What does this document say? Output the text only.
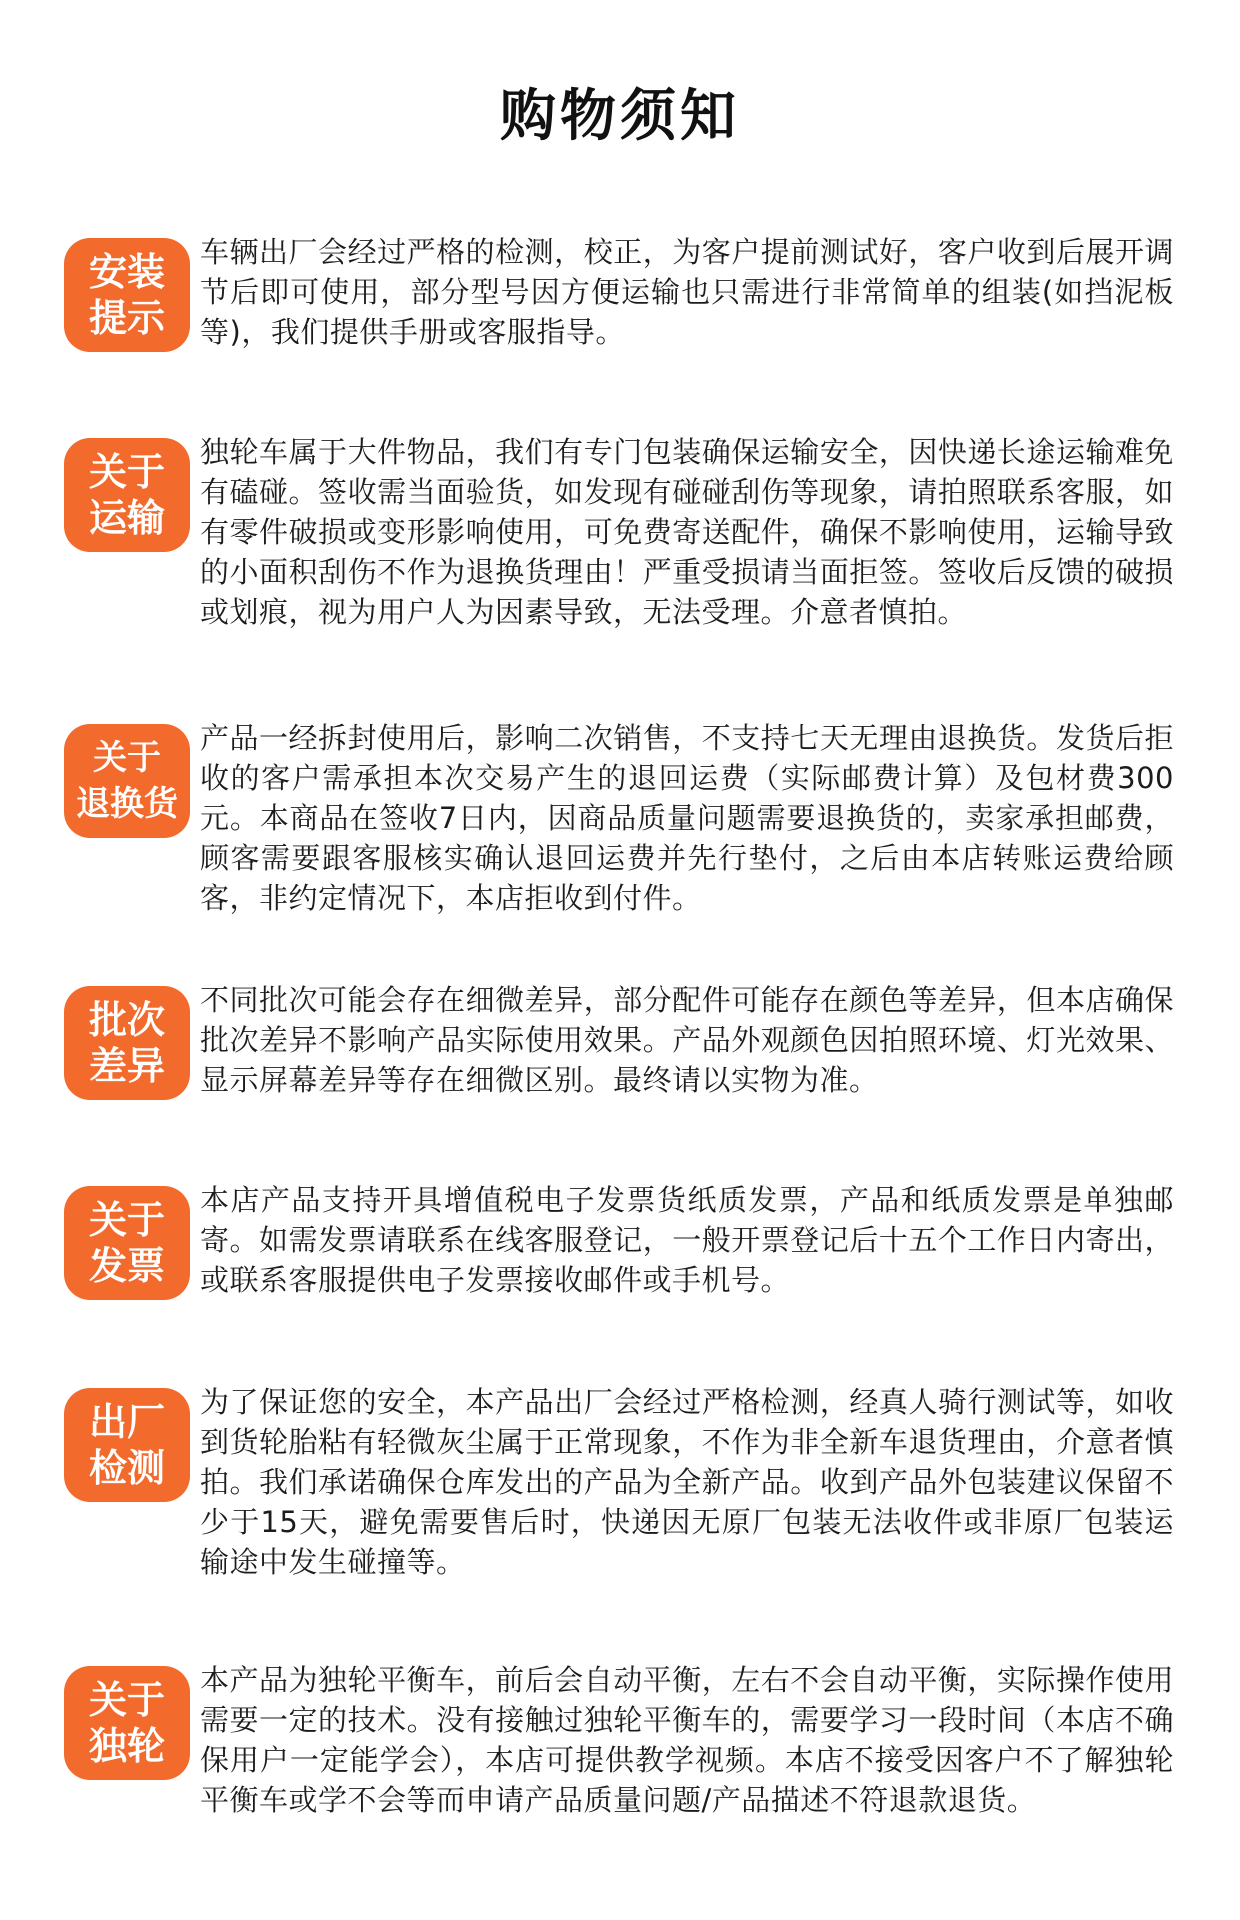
购物须知
安装
提示

车辆出厂会经过严格的检测，校正，为客户提前测试好，客户收到后展开调节后即可使用，部分型号因方便运输也只需进行非常简单的组装(如挡泥板等)，我们提供手册或客服指导。

关于
运输

独轮车属于大件物品，我们有专门包装确保运输安全，因快递长途运输难免有磕碰。签收需当面验货，如发现有碰碰刮伤等现象，请拍照联系客服，如有零件破损或变形影响使用，可免费寄送配件，确保不影响使用，运输导致的小面积刮伤不作为退换货理由！严重受损请当面拒签。签收后反馈的破损或划痕，视为用户人为因素导致，无法受理。介意者慎拍。

关于
退换货

产品一经拆封使用后，影响二次销售，不支持七天无理由退换货。发货后拒收的客户需承担本次交易产生的退回运费（实际邮费计算）及包材费300元。本商品在签收7日内，因商品质量问题需要退换货的，卖家承担邮费，顾客需要跟客服核实确认退回运费并先行垫付，之后由本店转账运费给顾客，非约定情况下，本店拒收到付件。

批次
差异

不同批次可能会存在细微差异，部分配件可能存在颜色等差异，但本店确保批次差异不影响产品实际使用效果。产品外观颜色因拍照环境、灯光效果、显示屏幕差异等存在细微区别。最终请以实物为准。

关于
发票

本店产品支持开具增值税电子发票货纸质发票，产品和纸质发票是单独邮寄。如需发票请联系在线客服登记，一般开票登记后十五个工作日内寄出，或联系客服提供电子发票接收邮件或手机号。

出厂
检测

为了保证您的安全，本产品出厂会经过严格检测，经真人骑行测试等，如收到货轮胎粘有轻微灰尘属于正常现象，不作为非全新车退货理由，介意者慎拍。我们承诺确保仓库发出的产品为全新产品。收到产品外包装建议保留不少于15天，避免需要售后时，快递因无原厂包装无法收件或非原厂包装运输途中发生碰撞等。

关于
独轮

本产品为独轮平衡车，前后会自动平衡，左右不会自动平衡，实际操作使用需要一定的技术。没有接触过独轮平衡车的，需要学习一段时间（本店不确保用户一定能学会），本店可提供教学视频。本店不接受因客户不了解独轮平衡车或学不会等而申请产品质量问题/产品描述不符退款退货。
